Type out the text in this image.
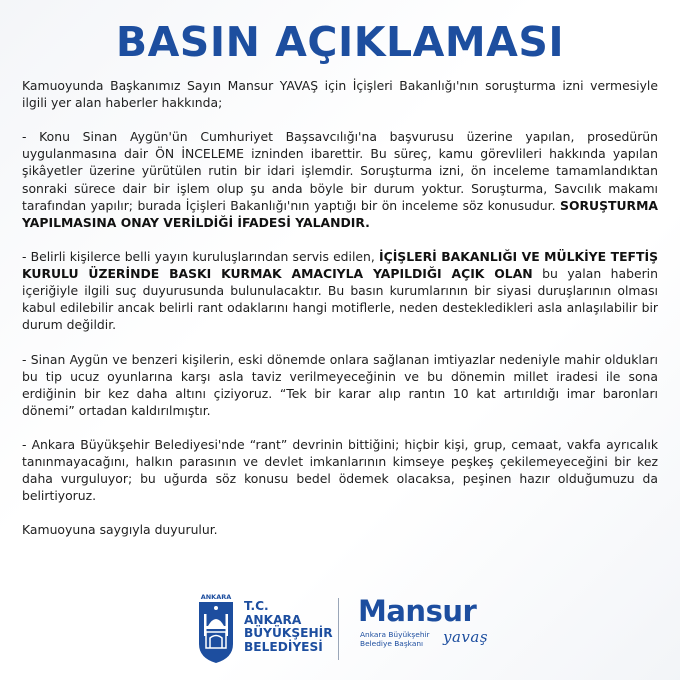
BASIN AÇIKLAMASI

Kamuoyunda Başkanımız Sayın Mansur YAVAŞ için İçişleri Bakanlığı'nın soruşturma izni vermesiyle ilgili yer alan haberler hakkında;

- Konu Sinan Aygün'ün Cumhuriyet Başsavcılığı'na başvurusu üzerine yapılan, prosedürün uygulanmasına dair ÖN İNCELEME izninden ibarettir. Bu süreç, kamu görevlileri hakkında yapılan şikâyetler üzerine yürütülen rutin bir idari işlemdir. Soruşturma izni, ön inceleme tamamlandıktan sonraki sürece dair bir işlem olup şu anda böyle bir durum yoktur. Soruşturma, Savcılık makamı tarafından yapılır; burada İçişleri Bakanlığı'nın yaptığı bir ön inceleme söz konusudur. SORUŞTURMA YAPILMASINA ONAY VERİLDİĞİ İFADESİ YALANDIR.

- Belirli kişilerce belli yayın kuruluşlarından servis edilen, İÇİŞLERİ BAKANLIĞI VE MÜLKİYE TEFTİŞ KURULU ÜZERİNDE BASKI KURMAK AMACIYLA YAPILDIĞI AÇIK OLAN bu yalan haberin içeriğiyle ilgili suç duyurusunda bulunulacaktır. Bu basın kurumlarının bir siyasi duruşlarının olması kabul edilebilir ancak belirli rant odaklarını hangi motiflerle, neden destekledikleri asla anlaşılabilir bir durum değildir.

- Sinan Aygün ve benzeri kişilerin, eski dönemde onlara sağlanan imtiyazlar nedeniyle mahir oldukları bu tip ucuz oyunlarına karşı asla taviz verilmeyeceğinin ve bu dönemin millet iradesi ile sona erdiğinin bir kez daha altını çiziyoruz. “Tek bir karar alıp rantın 10 kat artırıldığı imar baronları dönemi” ortadan kaldırılmıştır.

- Ankara Büyükşehir Belediyesi'nde “rant” devrinin bittiğini; hiçbir kişi, grup, cemaat, vakfa ayrıcalık tanınmayacağını, halkın parasının ve devlet imkanlarının kimseye peşkeş çekilemeyeceğini bir kez daha vurguluyor; bu uğurda söz konusu bedel ödemek olacaksa, peşinen hazır olduğumuzu da belirtiyoruz.

Kamuoyuna saygıyla duyurulur.

ANKARA
T.C.
ANKARA
BÜYÜKŞEHİR
BELEDİYESİ
Mansur
Ankara Büyükşehir
Belediye Başkanı	yavaş
